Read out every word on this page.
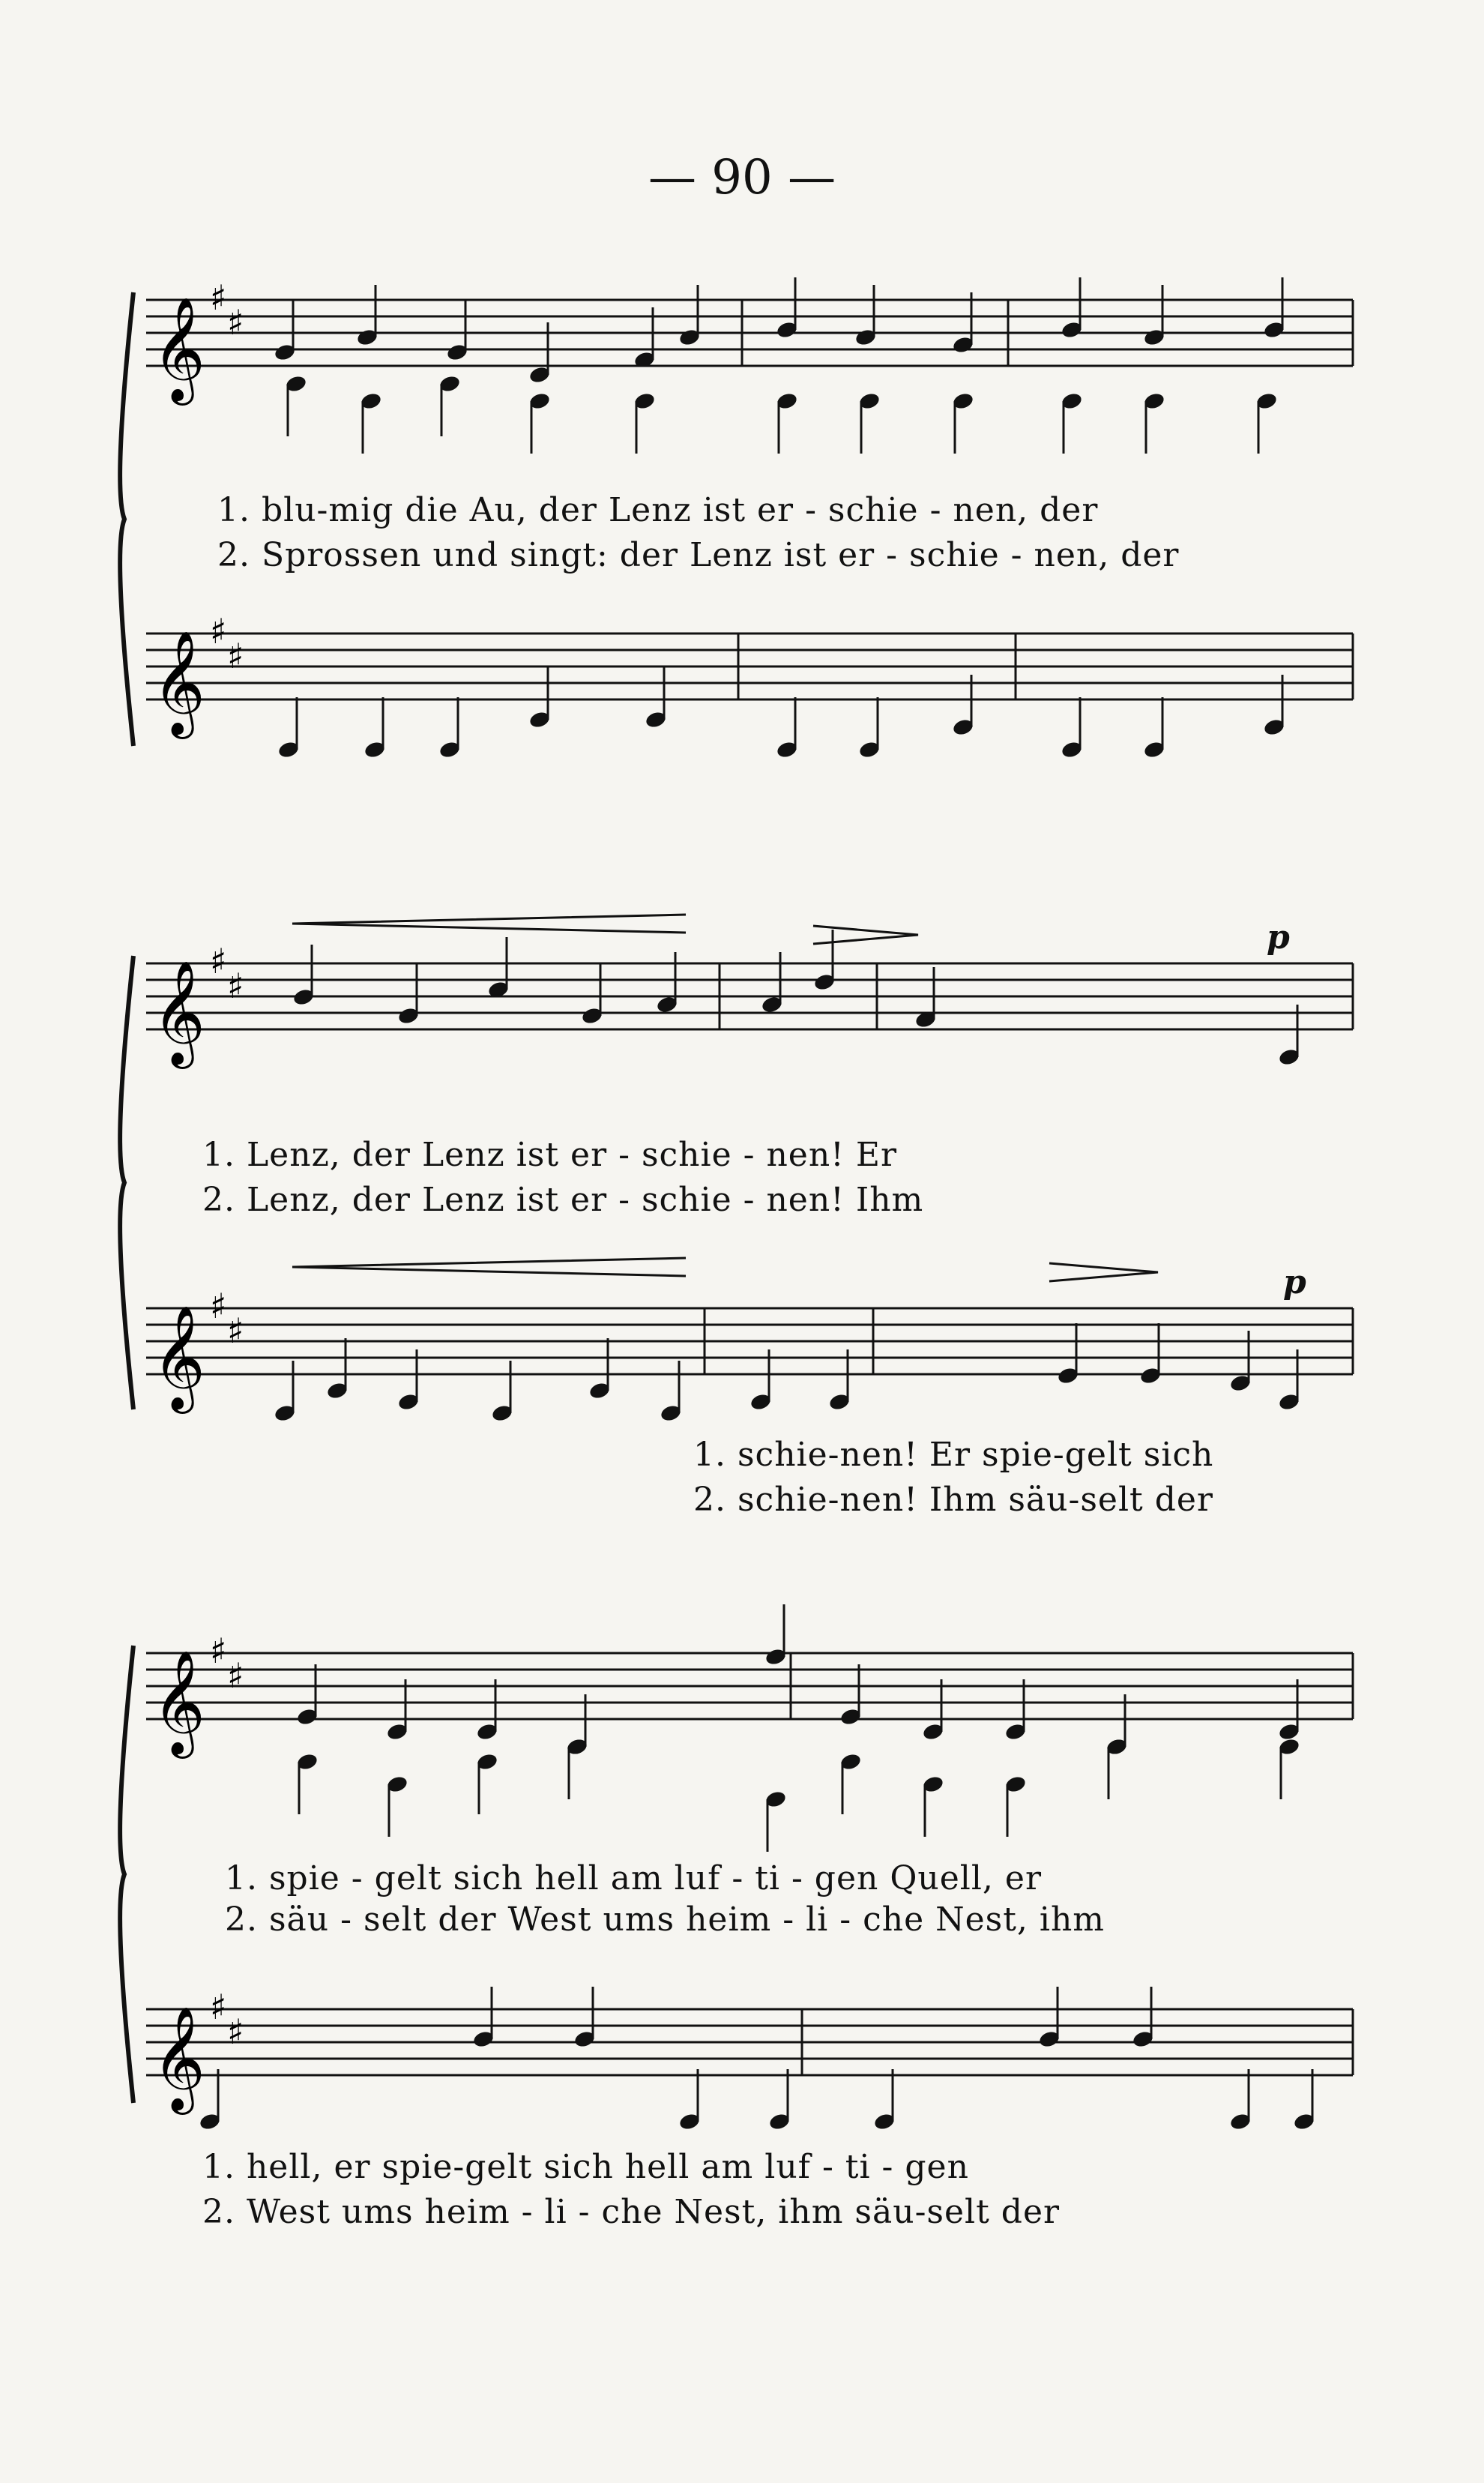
— 90 —
𝄞 ♯
♯
𝄞 ♯
♯
𝄞 ♯
♯
𝄞 ♯
♯
𝄞 ♯
♯
𝄞 ♯
♯
1. blu-mig die Au, der Lenz ist er - schie - nen, der
2. Sprossen und singt: der Lenz ist er - schie - nen, der
1. Lenz, der Lenz ist er - schie - nen! Er
2. Lenz, der Lenz ist er - schie - nen! Ihm
1. schie-nen! Er spie-gelt sich
2. schie-nen! Ihm säu-selt der
p
p
1. spie - gelt sich hell am luf - ti - gen Quell, er
2. säu - selt der West ums heim - li - che Nest, ihm
1. hell, er spie-gelt sich hell am luf - ti - gen
2. West ums heim - li - che Nest, ihm säu-selt der
